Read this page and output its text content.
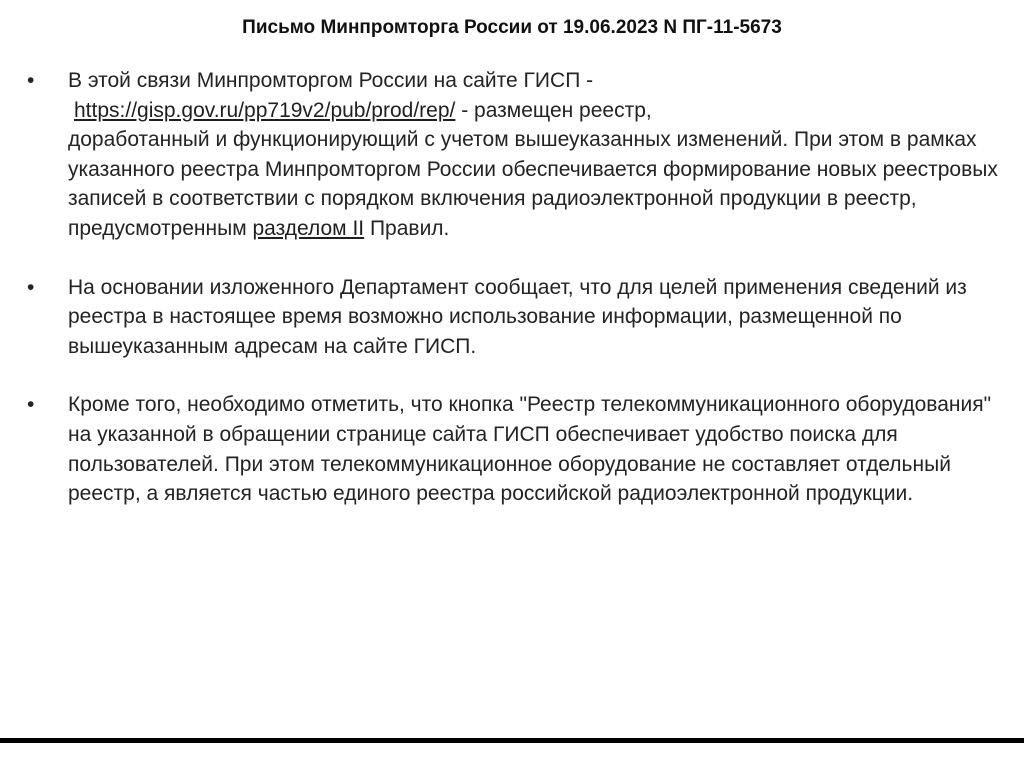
Письмо Минпромторга России от 19.06.2023 N ПГ-11-5673
• В этой связи Минпромторгом России на сайте ГИСП -
https://gisp.gov.ru/pp719v2/pub/prod/rep/ - размещен реестр,
доработанный и функционирующий с учетом вышеуказанных изменений. При этом в рамках указанного реестра Минпромторгом России обеспечивается формирование новых реестровых записей в соответствии с порядком включения радиоэлектронной продукции в реестр, предусмотренным разделом II Правил.
• На основании изложенного Департамент сообщает, что для целей применения сведений из реестра в настоящее время возможно использование информации, размещенной по вышеуказанным адресам на сайте ГИСП.
• Кроме того, необходимо отметить, что кнопка "Реестр телекоммуникационного оборудования" на указанной в обращении странице сайта ГИСП обеспечивает удобство поиска для пользователей. При этом телекоммуникационное оборудование не составляет отдельный реестр, а является частью единого реестра российской радиоэлектронной продукции.
